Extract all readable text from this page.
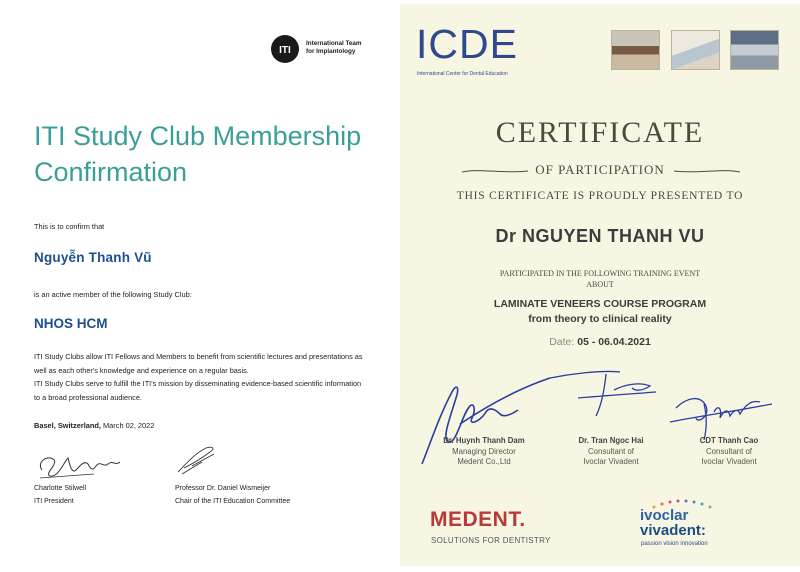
ITI
International Team
for Implantology
ITI Study Club Membership
Confirmation
This is to confirm that
Nguyễn Thanh Vũ
is an active member of the following Study Club:
NHOS HCM
ITI Study Clubs allow ITI Fellows and Members to benefit from scientific lectures and presentations as
well as each other's knowledge and experience on a regular basis.
ITI Study Clubs serve to fulfill the ITI's mission by disseminating evidence-based scientific information
to a broad professional audience.
Basel, Switzerland, March 02, 2022
Charlotte Stilwell
ITI President
Professor Dr. Daniel Wismeijer
Chair of the ITI Education Committee
ICDE
International Center for Dental Education
CERTIFICATE
OF PARTICIPATION
THIS CERTIFICATE IS PROUDLY PRESENTED TO
Dr NGUYEN THANH VU
PARTICIPATED IN THE FOLLOWING TRAINING EVENT
ABOUT
LAMINATE VENEERS COURSE PROGRAM
from theory to clinical reality
Date: 05 - 06.04.2021
Dr. Huynh Thanh Dam
Managing Director
Medent Co.,Ltd
Dr. Tran Ngoc Hai
Consultant of
Ivoclar Vivadent
CDT Thanh Cao
Consultant of
Ivoclar Vivadent
MEDENT.
SOLUTIONS FOR DENTISTRY
ivoclar
vivadent:
passion vision innovation
